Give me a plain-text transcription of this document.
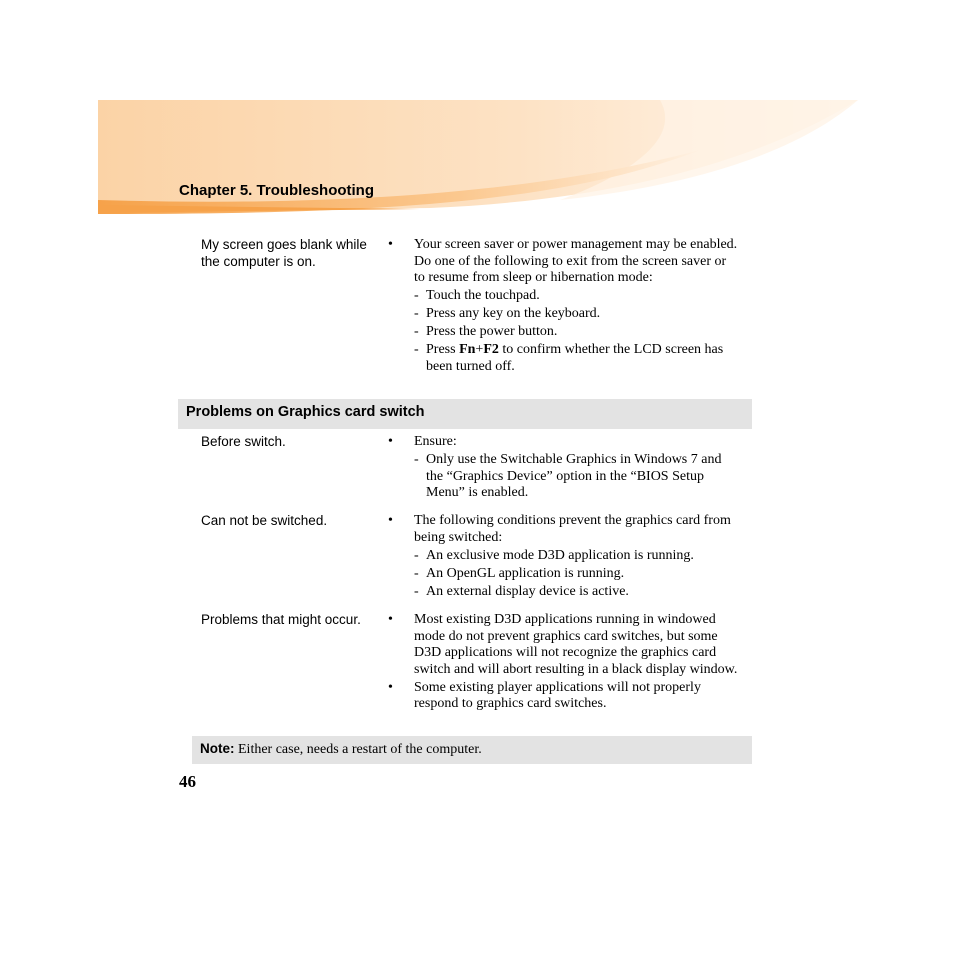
Chapter 5. Troubleshooting
My screen goes blank while the computer is on.
•	Your screen saver or power management may be enabled. Do one of the following to exit from the screen saver or to resume from sleep or hibernation mode:
- Touch the touchpad.
- Press any key on the keyboard.
- Press the power button.
- Press Fn+F2 to confirm whether the LCD screen has been turned off.
Problems on Graphics card switch
Before switch.	•	Ensure:
- Only use the Switchable Graphics in Windows 7 and the “Graphics Device” option in the “BIOS Setup Menu” is enabled.
Can not be switched.	•	The following conditions prevent the graphics card from being switched:
- An exclusive mode D3D application is running.
- An OpenGL application is running.
- An external display device is active.
Problems that might occur.	•	Most existing D3D applications running in windowed mode do not prevent graphics card switches, but some D3D applications will not recognize the graphics card switch and will abort resulting in a black display window.
•	Some existing player applications will not properly respond to graphics card switches.
Note: Either case, needs a restart of the computer.
46
